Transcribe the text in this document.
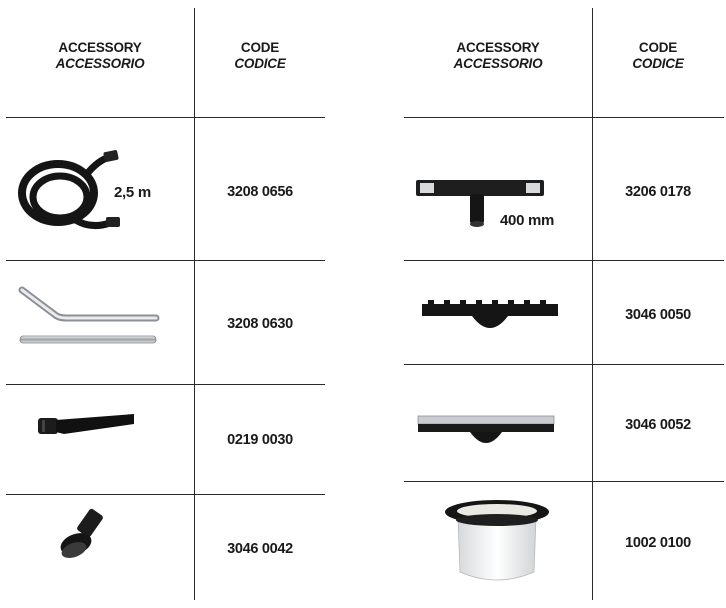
ACCESSORY
ACCESSORIO
CODE
CODICE
2,5 m	3208 0656
3208 0630
0219 0030
3046 0042
ACCESSORY
ACCESSORIO
CODE
CODICE
400 mm
3206 0178
3046 0050
3046 0052
1002 0100
